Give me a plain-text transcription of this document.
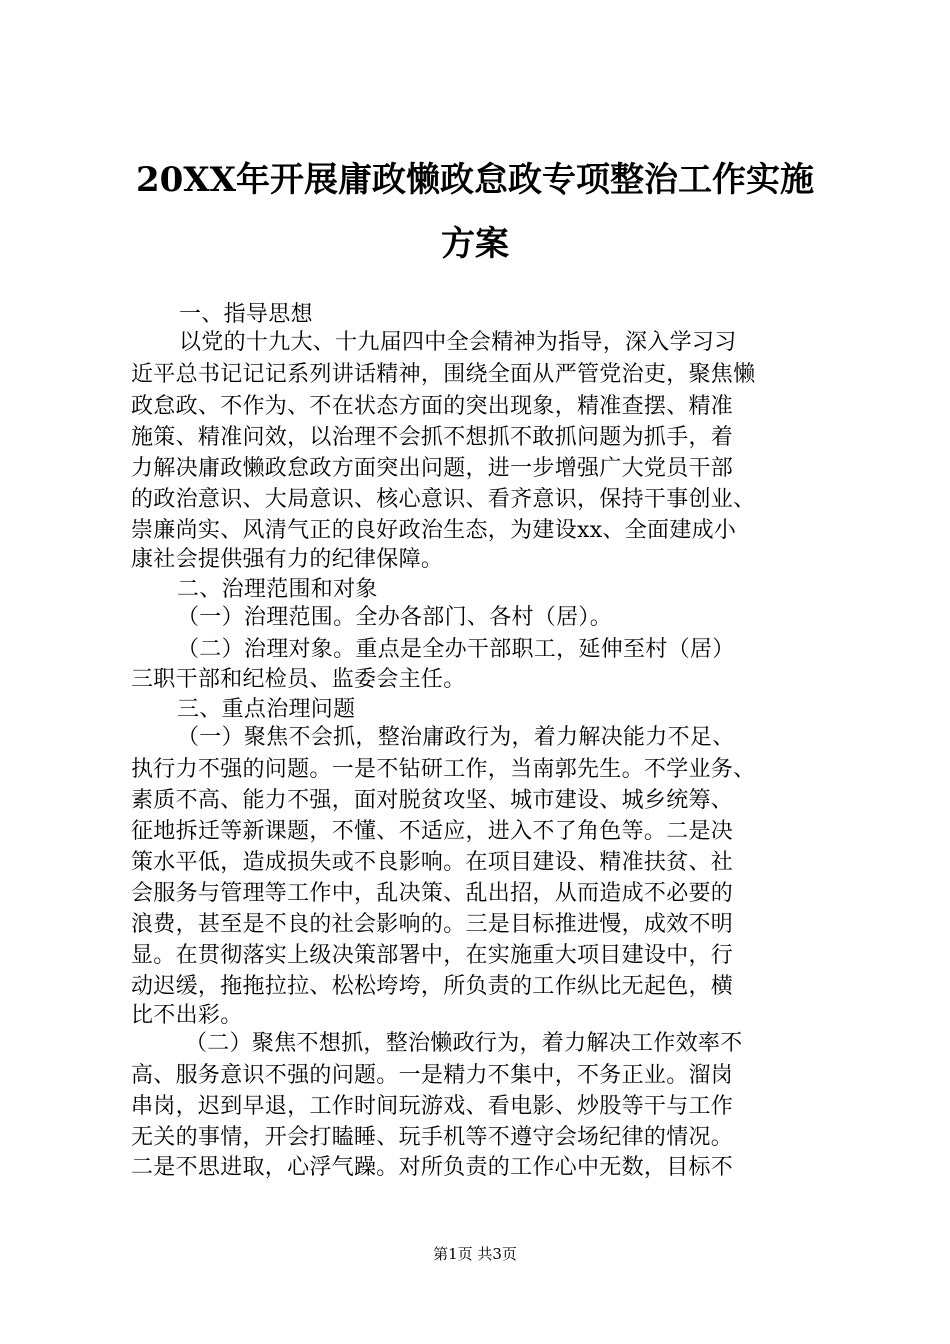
20XX年开展庸政懒政怠政专项整治工作实施
方案
一、指导思想
以党的十九大、十九届四中全会精神为指导，深入学习习
近平总书记记记系列讲话精神，围绕全面从严管党治吏，聚焦懒
政怠政、不作为、不在状态方面的突出现象，精准查摆、精准
施策、精准问效，以治理不会抓不想抓不敢抓问题为抓手，着
力解决庸政懒政怠政方面突出问题，进一步增强广大党员干部
的政治意识、大局意识、核心意识、看齐意识，保持干事创业、
崇廉尚实、风清气正的良好政治生态，为建设xx、全面建成小
康社会提供强有力的纪律保障。
二、治理范围和对象
（一）治理范围。全办各部门、各村（居）。
（二）治理对象。重点是全办干部职工，延伸至村（居）
三职干部和纪检员、监委会主任。
三、重点治理问题
（一）聚焦不会抓，整治庸政行为，着力解决能力不足、
执行力不强的问题。一是不钻研工作，当南郭先生。不学业务、
素质不高、能力不强，面对脱贫攻坚、城市建设、城乡统筹、
征地拆迁等新课题，不懂、不适应，进入不了角色等。二是决
策水平低，造成损失或不良影响。在项目建设、精准扶贫、社
会服务与管理等工作中，乱决策、乱出招，从而造成不必要的
浪费，甚至是不良的社会影响的。三是目标推进慢，成效不明
显。在贯彻落实上级决策部署中，在实施重大项目建设中，行
动迟缓，拖拖拉拉、松松垮垮，所负责的工作纵比无起色，横
比不出彩。
（二）聚焦不想抓，整治懒政行为，着力解决工作效率不
高、服务意识不强的问题。一是精力不集中，不务正业。溜岗
串岗，迟到早退，工作时间玩游戏、看电影、炒股等干与工作
无关的事情，开会打瞌睡、玩手机等不遵守会场纪律的情况。
二是不思进取，心浮气躁。对所负责的工作心中无数，目标不
第1页 共3页
